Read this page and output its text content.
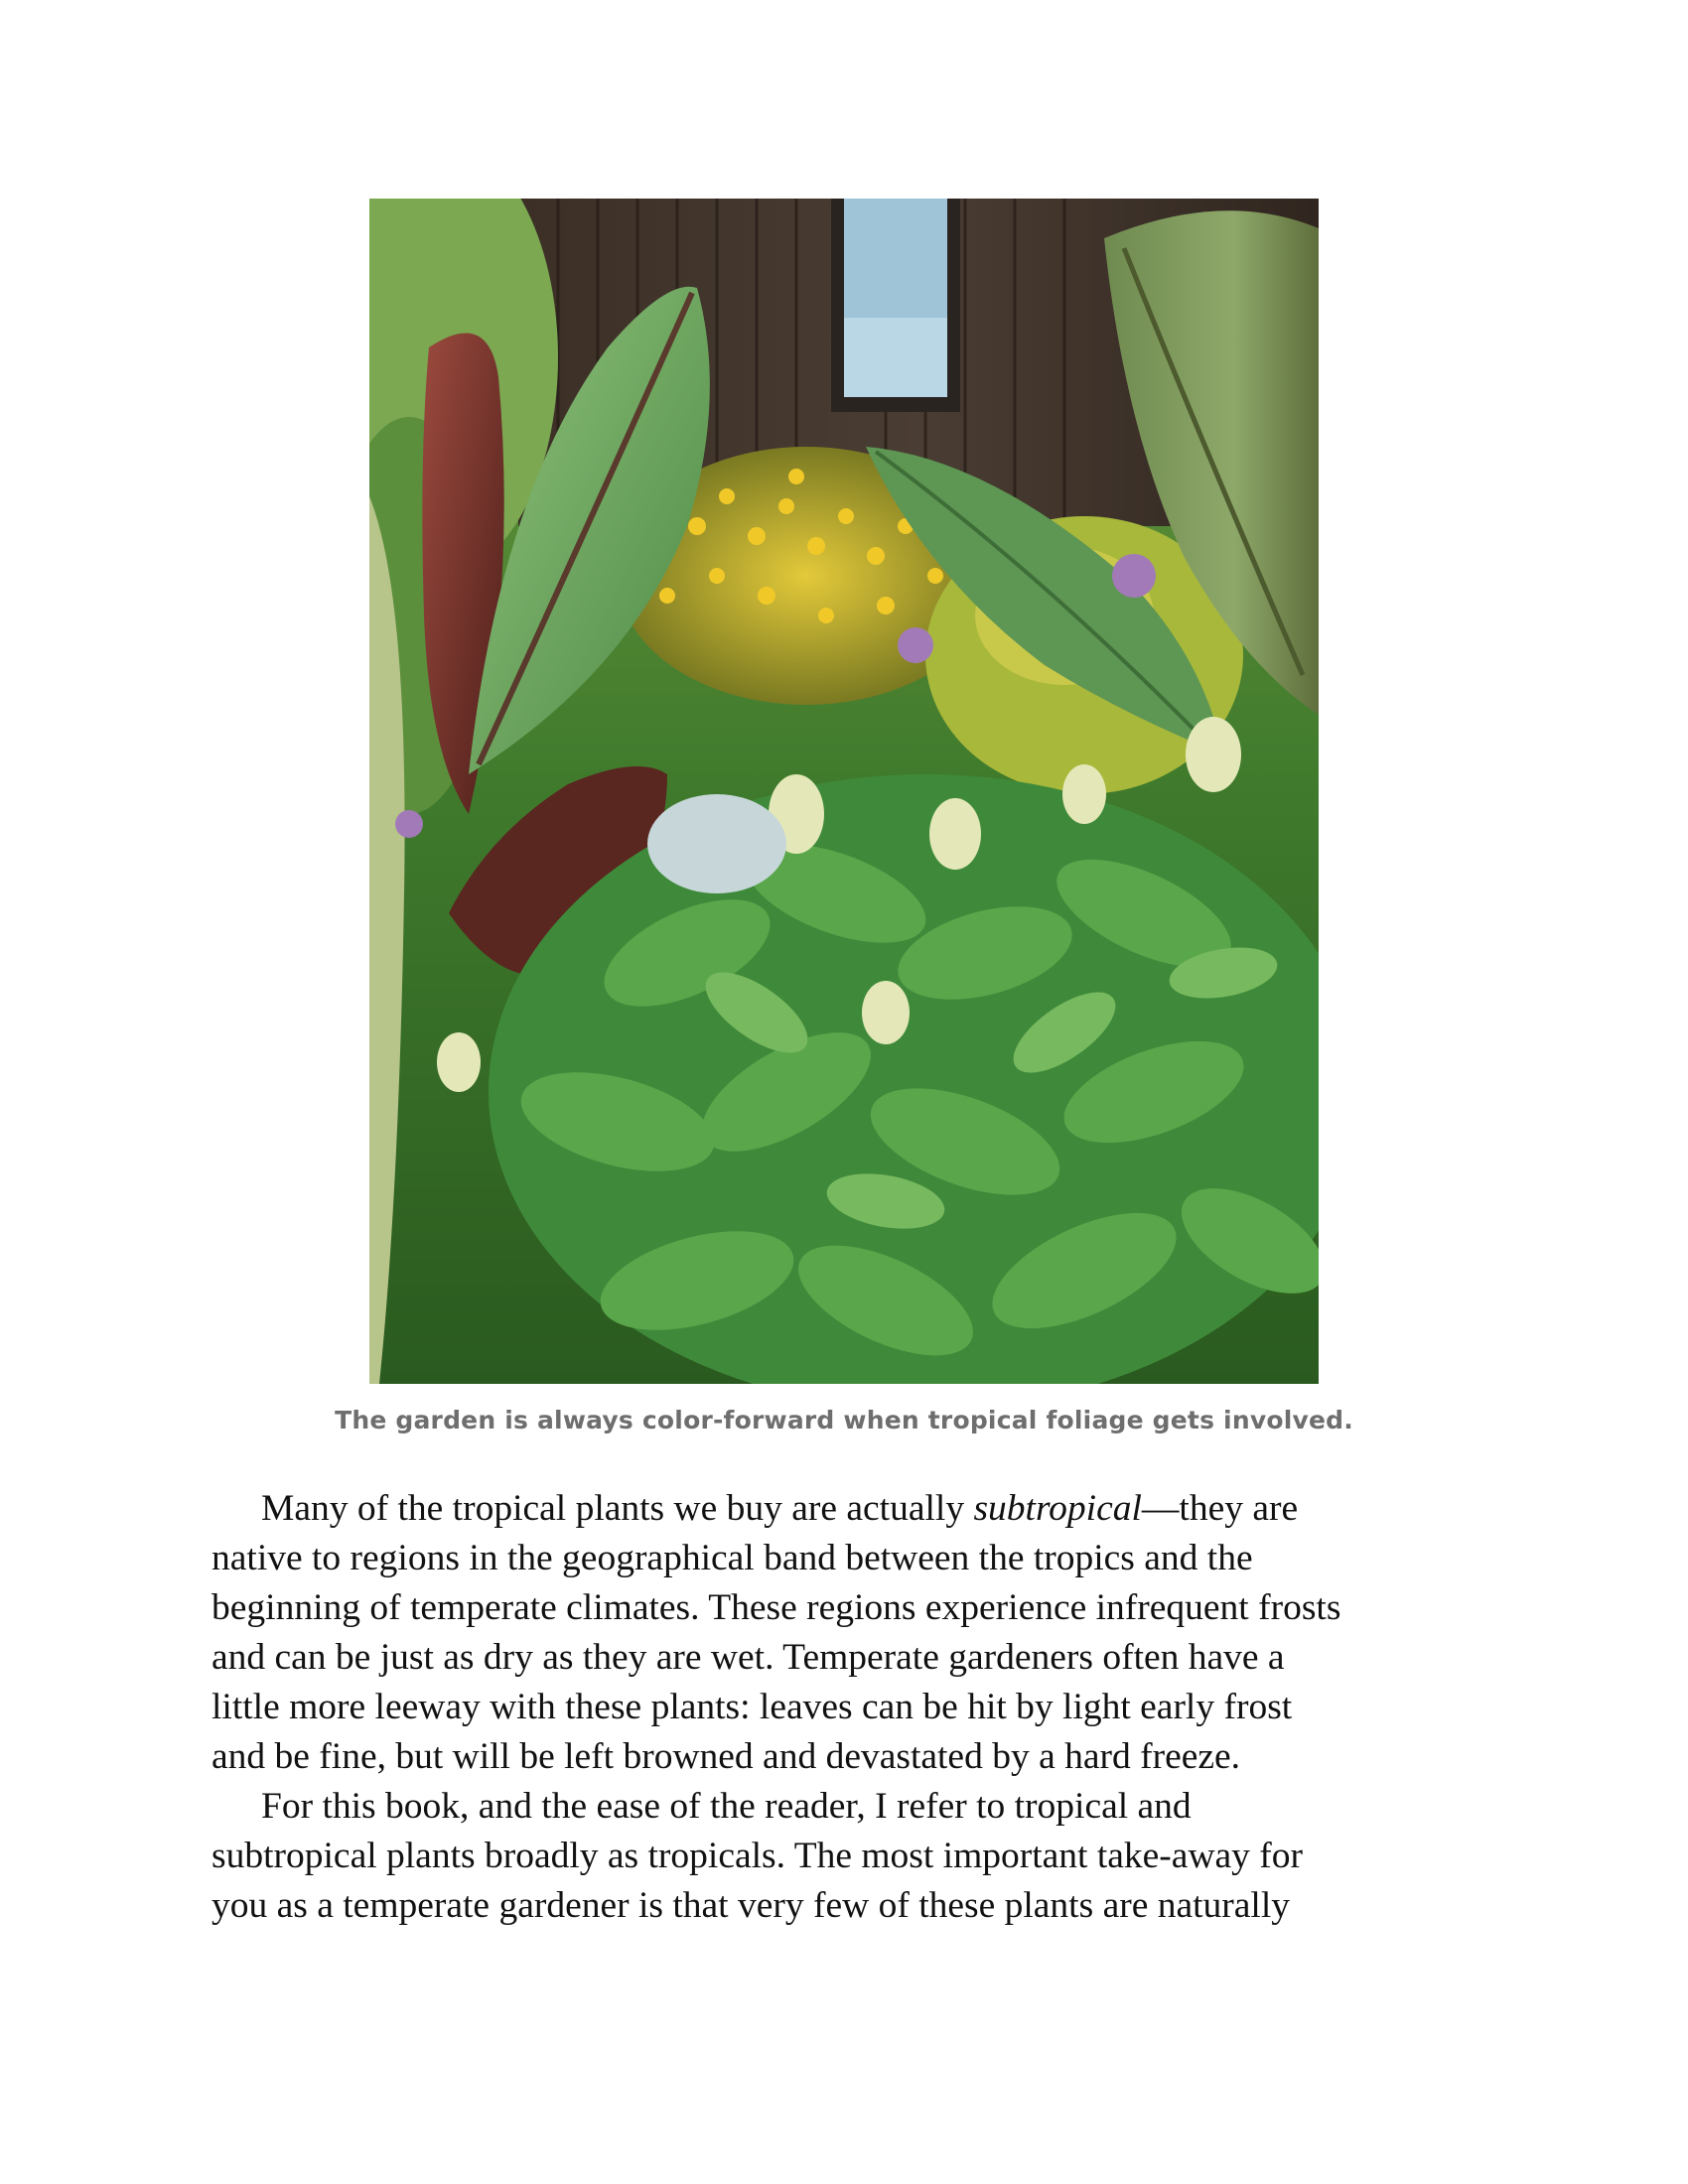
The garden is always color-forward when tropical foliage gets involved.

Many of the tropical plants we buy are actually subtropical—they are
native to regions in the geographical band between the tropics and the
beginning of temperate climates. These regions experience infrequent frosts
and can be just as dry as they are wet. Temperate gardeners often have a
little more leeway with these plants: leaves can be hit by light early frost
and be fine, but will be left browned and devastated by a hard freeze.

For this book, and the ease of the reader, I refer to tropical and
subtropical plants broadly as tropicals. The most important take-away for
you as a temperate gardener is that very few of these plants are naturally
